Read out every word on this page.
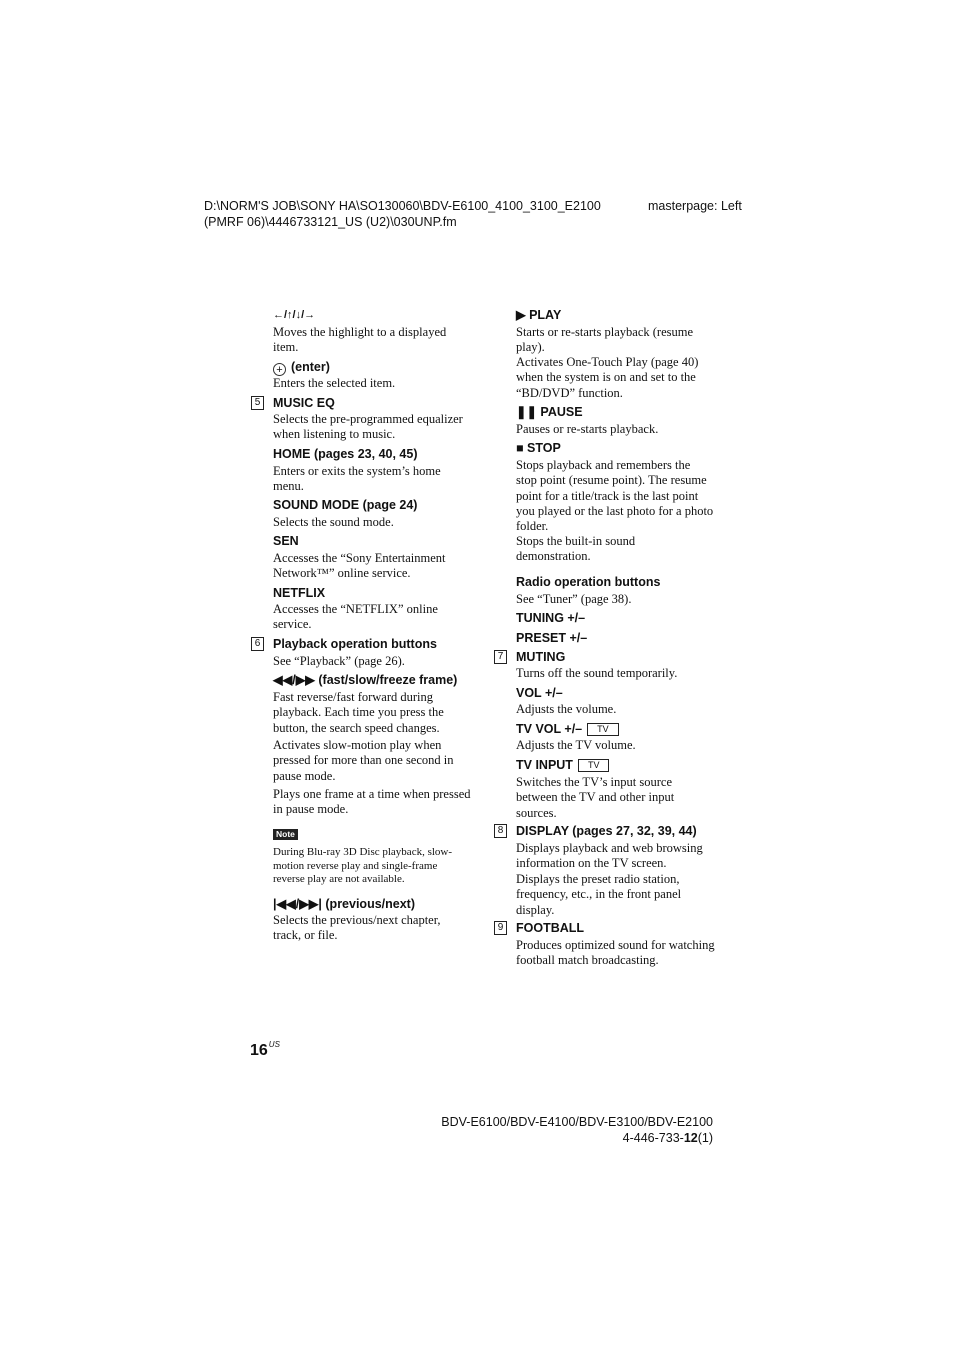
D:\NORM'S JOB\SONY HA\SO130060\BDV-E6100_4100_3100_E2100
(PMRF 06)\4446733121_US (U2)\030UNP.fm
masterpage: Left
←/↑/↓/→
Moves the highlight to a displayed item.
+ (enter)
Enters the selected item.
5 MUSIC EQ
Selects the pre-programmed equalizer when listening to music.
HOME (pages 23, 40, 45)
Enters or exits the system’s home menu.
SOUND MODE (page 24)
Selects the sound mode.
SEN
Accesses the “Sony Entertainment Network™” online service.
NETFLIX
Accesses the “NETFLIX” online service.
6 Playback operation buttons
See “Playback” (page 26).
◀◀/▶▶ (fast/slow/freeze frame)
Fast reverse/fast forward during playback. Each time you press the button, the search speed changes.
Activates slow-motion play when pressed for more than one second in pause mode.
Plays one frame at a time when pressed in pause mode.
Note
During Blu-ray 3D Disc playback, slow-motion reverse play and single-frame reverse play are not available.
|◀◀/▶▶| (previous/next)
Selects the previous/next chapter, track, or file.
▶ PLAY
Starts or re-starts playback (resume play).
Activates One-Touch Play (page 40) when the system is on and set to the “BD/DVD” function.
❚❚ PAUSE
Pauses or re-starts playback.
■ STOP
Stops playback and remembers the stop point (resume point). The resume point for a title/track is the last point you played or the last photo for a photo folder.
Stops the built-in sound demonstration.
Radio operation buttons
See “Tuner” (page 38).
TUNING +/–
PRESET +/–
7 MUTING
Turns off the sound temporarily.
VOL +/–
Adjusts the volume.
TV VOL +/– TV
Adjusts the TV volume.
TV INPUT TV
Switches the TV’s input source between the TV and other input sources.
8 DISPLAY (pages 27, 32, 39, 44)
Displays playback and web browsing information on the TV screen.
Displays the preset radio station, frequency, etc., in the front panel display.
9 FOOTBALL
Produces optimized sound for watching football match broadcasting.
$16^{US}$
BDV-E6100/BDV-E4100/BDV-E3100/BDV-E2100
4-446-733-12(1)
